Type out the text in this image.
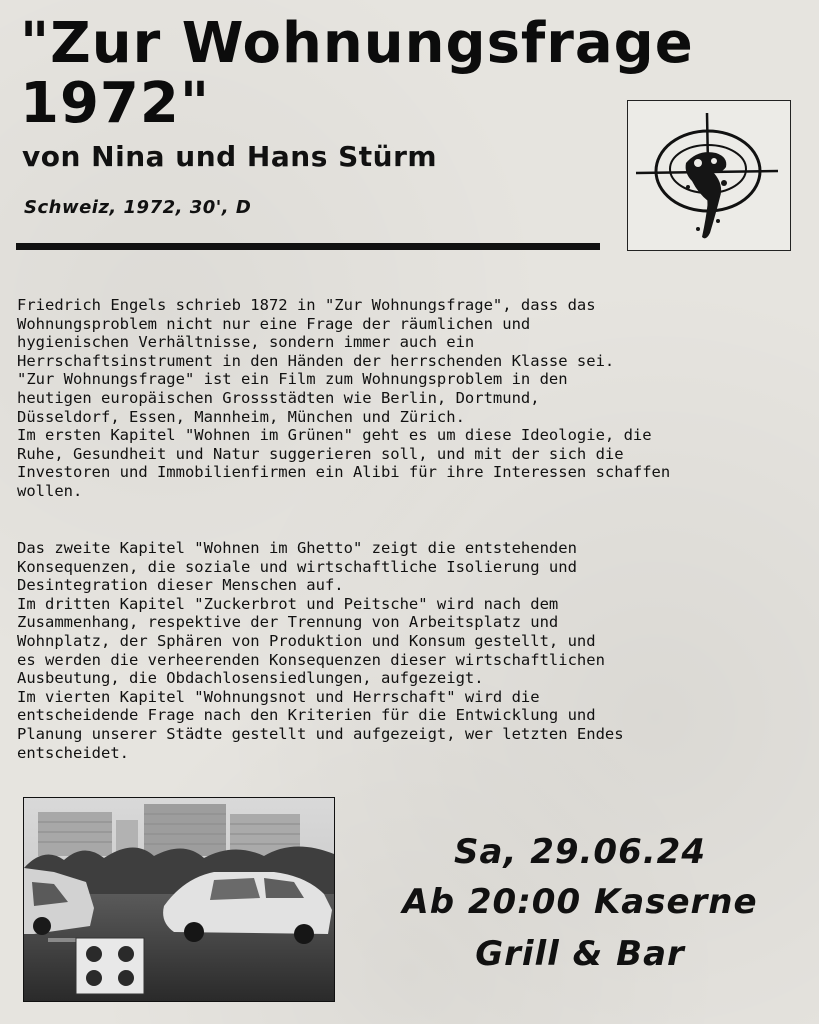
"Zur Wohnungsfrage
1972"
von Nina und Hans Stürm
Schweiz, 1972, 30', D

Friedrich Engels schrieb 1872 in "Zur Wohnungsfrage", dass das

Wohnungsproblem nicht nur eine Frage der räumlichen und

hygienischen Verhältnisse, sondern immer auch ein

Herrschaftsinstrument in den Händen der herrschenden Klasse sei.

"Zur Wohnungsfrage" ist ein Film zum Wohnungsproblem in den

heutigen europäischen Grossstädten wie Berlin, Dortmund,

Düsseldorf, Essen, Mannheim, München und Zürich.

Im ersten Kapitel "Wohnen im Grünen" geht es um diese Ideologie, die

Ruhe, Gesundheit und Natur suggerieren soll, und mit der sich die

Investoren und Immobilienfirmen ein Alibi für ihre Interessen schaffen

wollen.

Das zweite Kapitel "Wohnen im Ghetto" zeigt die entstehenden

Konsequenzen, die soziale und wirtschaftliche Isolierung und

Desintegration dieser Menschen auf.

Im dritten Kapitel "Zuckerbrot und Peitsche" wird nach dem

Zusammenhang, respektive der Trennung von Arbeitsplatz und

Wohnplatz, der Sphären von Produktion und Konsum gestellt, und

es werden die verheerenden Konsequenzen dieser wirtschaftlichen

Ausbeutung, die Obdachlosensiedlungen, aufgezeigt.

Im vierten Kapitel "Wohnungsnot und Herrschaft" wird die

entscheidende Frage nach den Kriterien für die Entwicklung und

Planung unserer Städte gestellt und aufgezeigt, wer letzten Endes

entscheidet.

Sa, 29.06.24
Ab 20:00 Kaserne
Grill & Bar
